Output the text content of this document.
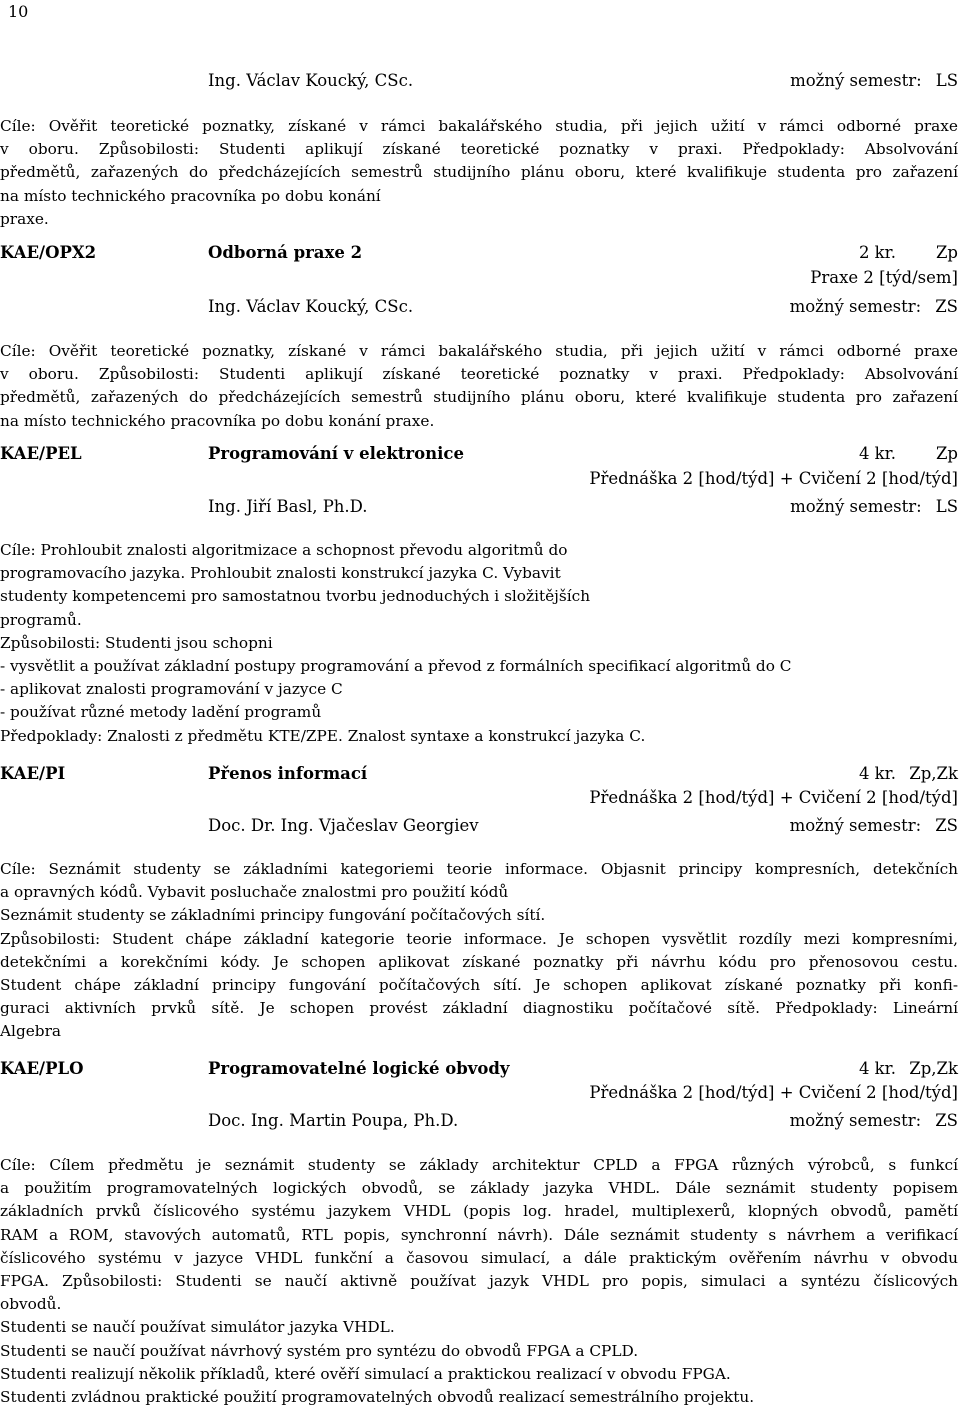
10
Ing. Václav Koucký, CSc.	možný semestr: LS
Cíle: Ověřit teoretické poznatky, získané v rámci bakalářského studia, při jejich užití v rámci odborné praxe
v oboru. Způsobilosti: Studenti aplikují získané teoretické poznatky v praxi. Předpoklady: Absolvování
předmětů, zařazených do předcházejících semestrů studijního plánu oboru, které kvalifikuje studenta pro zařazení
na místo technického pracovníka po dobu konání
praxe.
KAE/OPX2	Odborná praxe 2	2 kr. Zp
Praxe 2 [týd/sem]
Ing. Václav Koucký, CSc.	možný semestr: ZS
Cíle: Ověřit teoretické poznatky, získané v rámci bakalářského studia, při jejich užití v rámci odborné praxe
v oboru. Způsobilosti: Studenti aplikují získané teoretické poznatky v praxi. Předpoklady: Absolvování
předmětů, zařazených do předcházejících semestrů studijního plánu oboru, které kvalifikuje studenta pro zařazení
na místo technického pracovníka po dobu konání praxe.
KAE/PEL	Programování v elektronice	4 kr. Zp
Přednáška 2 [hod/týd] + Cvičení 2 [hod/týd]
Ing. Jiří Basl, Ph.D.	možný semestr: LS
Cíle: Prohloubit znalosti algoritmizace a schopnost převodu algoritmů do
programovacího jazyka. Prohloubit znalosti konstrukcí jazyka C. Vybavit
studenty kompetencemi pro samostatnou tvorbu jednoduchých i složitějších
programů.
Způsobilosti: Studenti jsou schopni
- vysvětlit a používat základní postupy programování a převod z formálních specifikací algoritmů do C
- aplikovat znalosti programování v jazyce C
- používat různé metody ladění programů
Předpoklady: Znalosti z předmětu KTE/ZPE. Znalost syntaxe a konstrukcí jazyka C.
KAE/PI	Přenos informací	4 kr. Zp,Zk
Přednáška 2 [hod/týd] + Cvičení 2 [hod/týd]
Doc. Dr. Ing. Vjačeslav Georgiev	možný semestr: ZS
Cíle: Seznámit studenty se základními kategoriemi teorie informace. Objasnit principy kompresních, detekčních
a opravných kódů. Vybavit posluchače znalostmi pro použití kódů
Seznámit studenty se základními principy fungování počítačových sítí.
Způsobilosti: Student chápe základní kategorie teorie informace. Je schopen vysvětlit rozdíly mezi kompresními,
detekčními a korekčními kódy. Je schopen aplikovat získané poznatky při návrhu kódu pro přenosovou cestu.
Student chápe základní principy fungování počítačových sítí. Je schopen aplikovat získané poznatky při konfi-
guraci aktivních prvků sítě. Je schopen provést základní diagnostiku počítačové sítě. Předpoklady: Lineární
Algebra
KAE/PLO	Programovatelné logické obvody	4 kr. Zp,Zk
Přednáška 2 [hod/týd] + Cvičení 2 [hod/týd]
Doc. Ing. Martin Poupa, Ph.D.	možný semestr: ZS
Cíle: Cílem předmětu je seznámit studenty se základy architektur CPLD a FPGA různých výrobců, s funkcí
a použitím programovatelných logických obvodů, se základy jazyka VHDL. Dále seznámit studenty popisem
základních prvků číslicového systému jazykem VHDL (popis log. hradel, multiplexerů, klopných obvodů, pamětí
RAM a ROM, stavových automatů, RTL popis, synchronní návrh). Dále seznámit studenty s návrhem a verifikací
číslicového systému v jazyce VHDL funkční a časovou simulací, a dále praktickým ověřením návrhu v obvodu
FPGA. Způsobilosti: Studenti se naučí aktivně používat jazyk VHDL pro popis, simulaci a syntézu číslicových
obvodů.
Studenti se naučí používat simulátor jazyka VHDL.
Studenti se naučí používat návrhový systém pro syntézu do obvodů FPGA a CPLD.
Studenti realizují několik příkladů, které ověří simulací a praktickou realizací v obvodu FPGA.
Studenti zvládnou praktické použití programovatelných obvodů realizací semestrálního projektu.
